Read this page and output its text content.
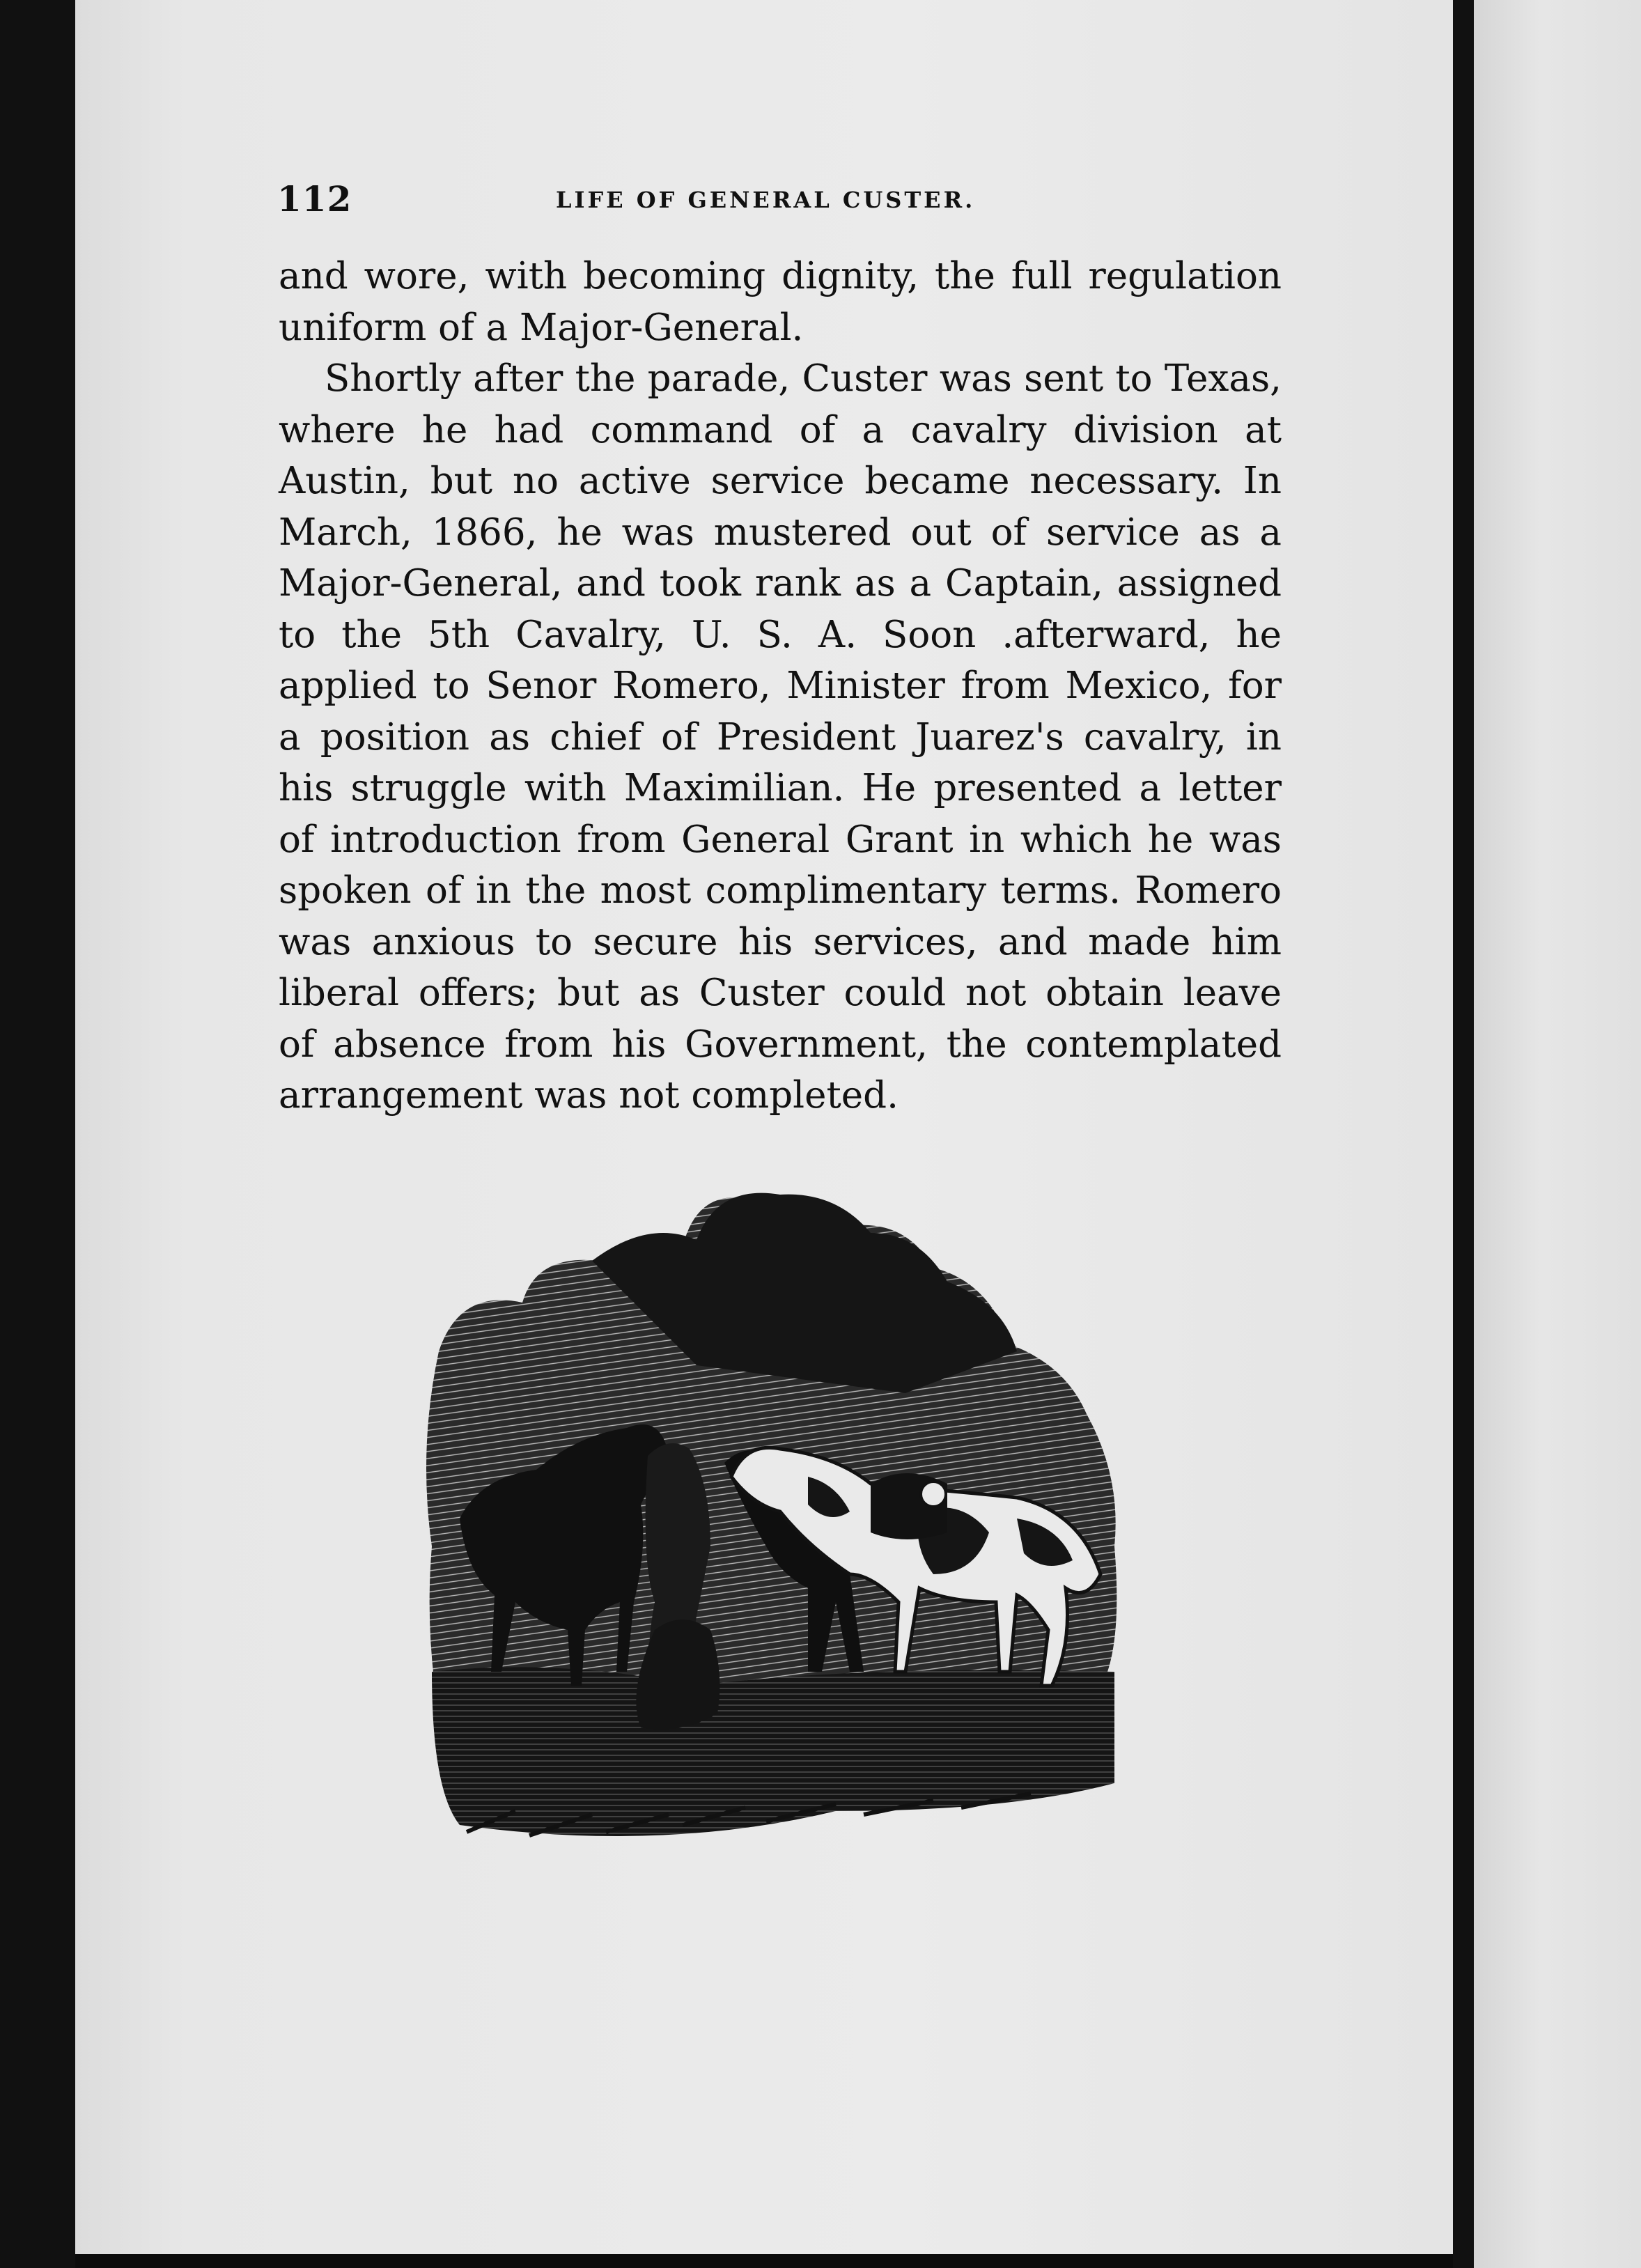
112	LIFE OF GENERAL CUSTER.
and wore, with becoming dignity, the full regulation
uniform of a Major-General.
Shortly after the parade, Custer was sent to Texas,
where he had command of a cavalry division at
Austin, but no active service became necessary. In
March, 1866, he was mustered out of service as a
Major-General, and took rank as a Captain, assigned
to the 5th Cavalry, U. S. A. Soon .afterward, he
applied to Senor Romero, Minister from Mexico, for
a position as chief of President Juarez's cavalry, in
his struggle with Maximilian. He presented a letter
of introduction from General Grant in which he was
spoken of in the most complimentary terms. Romero
was anxious to secure his services, and made him
liberal offers; but as Custer could not obtain leave
of absence from his Government, the contemplated
arrangement was not completed.
